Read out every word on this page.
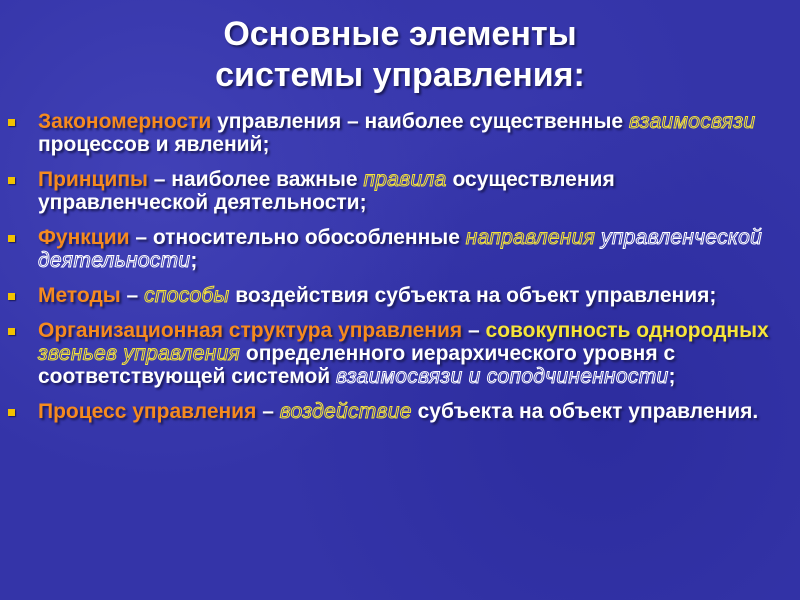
Основные элементы
системы управления:
Закономерности управления – наиболее существенные взаимосвязи процессов и явлений;
Принципы – наиболее важные правила осуществления управленческой деятельности;
Функции – относительно обособленные направления управленческой деятельности;
Методы – способы воздействия субъекта на объект управления;
Организационная структура управления – совокупность однородных звеньев управления определенного иерархического уровня с соответствующей системой взаимосвязи и соподчиненности;
Процесс управления – воздействие субъекта на объект управления.
